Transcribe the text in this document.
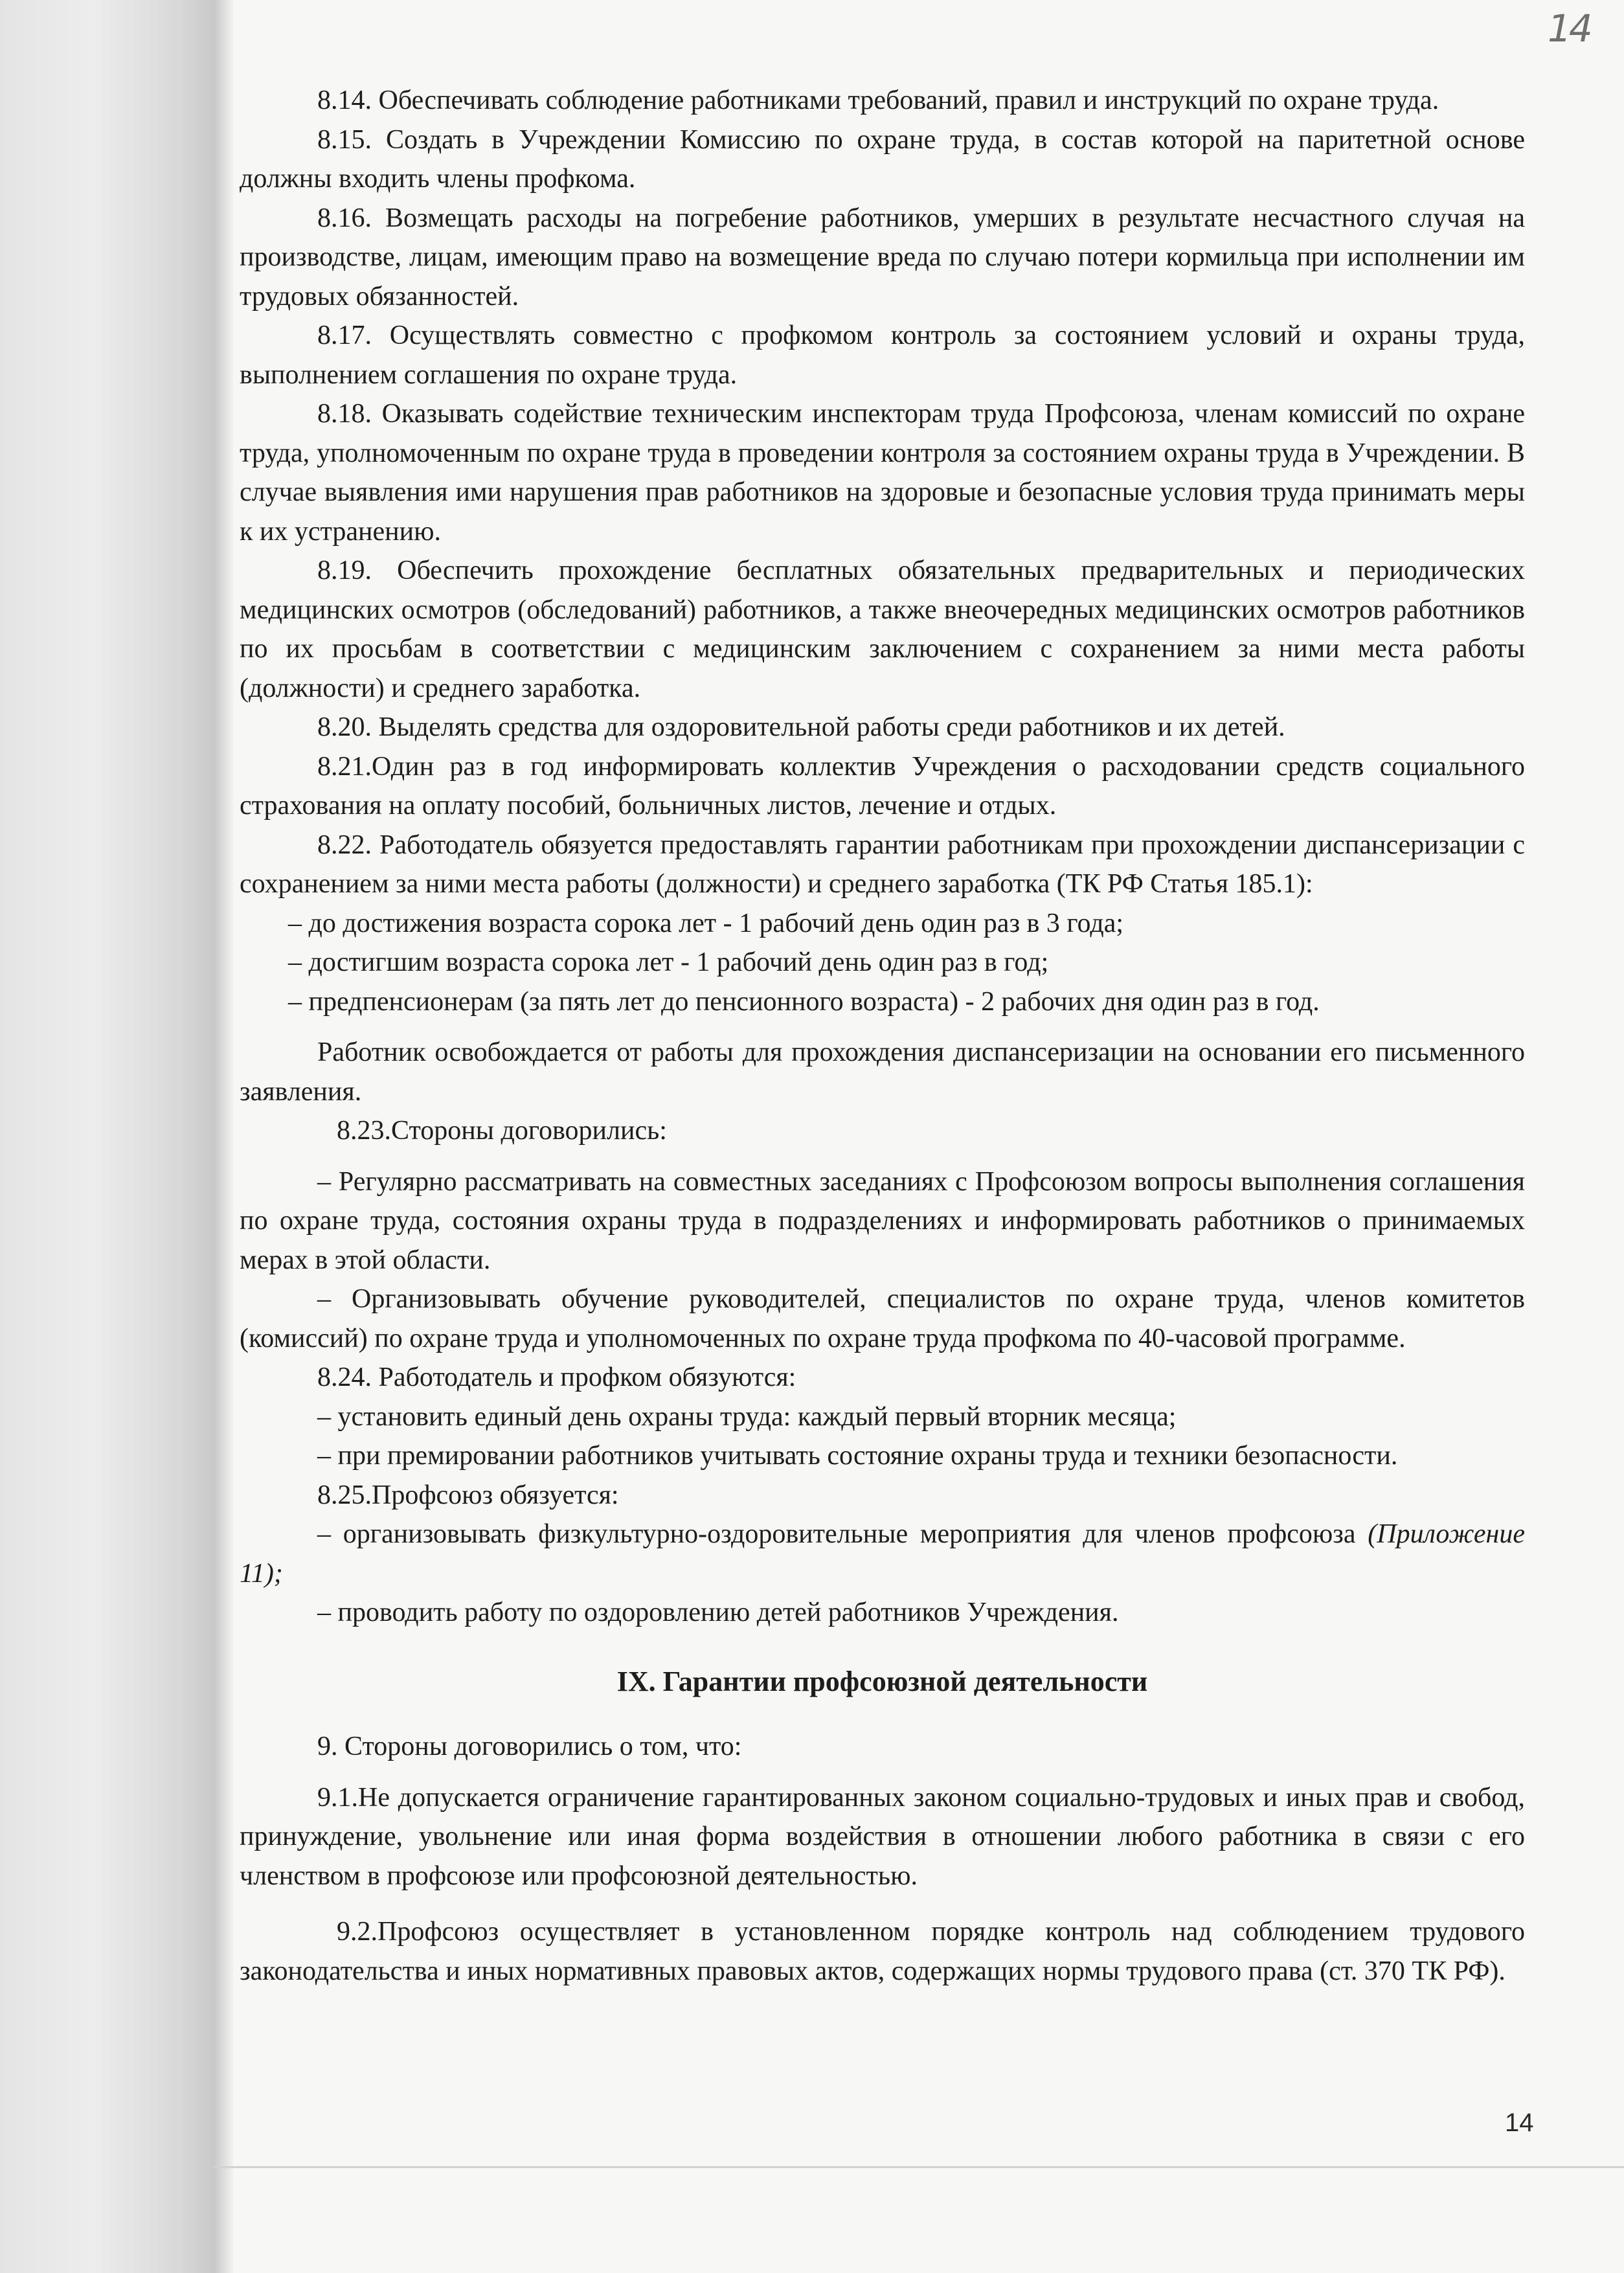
14

8.14. Обеспечивать соблюдение работниками требований, правил и инструкций по охране труда.

8.15. Создать в Учреждении Комиссию по охране труда, в состав которой на паритетной основе должны входить члены профкома.

8.16. Возмещать расходы на погребение работников, умерших в результате несчастного случая на производстве, лицам, имеющим право на возмещение вреда по случаю потери кормильца при исполнении им трудовых обязанностей.

8.17. Осуществлять совместно с профкомом контроль за состоянием условий и охраны труда, выполнением соглашения по охране труда.

8.18. Оказывать содействие техническим инспекторам труда Профсоюза, членам комиссий по охране труда, уполномоченным по охране труда в проведении контроля за состоянием охраны труда в Учреждении. В случае выявления ими нарушения прав работников на здоровые и безопасные условия труда принимать меры к их устранению.

8.19. Обеспечить прохождение бесплатных обязательных предварительных и периодических медицинских осмотров (обследований) работников, а также внеочередных медицинских осмотров работников по их просьбам в соответствии с медицинским заключением с сохранением за ними места работы (должности) и среднего заработка.

8.20. Выделять средства для оздоровительной работы среди работников и их детей.

8.21.Один раз в год информировать коллектив Учреждения о расходовании средств социального страхования на оплату пособий, больничных листов, лечение и отдых.

8.22. Работодатель обязуется предоставлять гарантии работникам при прохождении диспансеризации с сохранением за ними места работы (должности) и среднего заработка (ТК РФ Статья 185.1):

– до достижения возраста сорока лет - 1 рабочий день один раз в 3 года;

– достигшим возраста сорока лет - 1 рабочий день один раз в год;

– предпенсионерам (за пять лет до пенсионного возраста) - 2 рабочих дня один раз в год.

Работник освобождается от работы для прохождения диспансеризации на основании его письменного заявления.

8.23.Стороны договорились:

– Регулярно рассматривать на совместных заседаниях с Профсоюзом вопросы выполнения соглашения по охране труда, состояния охраны труда в подразделениях и информировать работников о принимаемых мерах в этой области.

– Организовывать обучение руководителей, специалистов по охране труда, членов комитетов (комиссий) по охране труда и уполномоченных по охране труда профкома по 40-часовой программе.

8.24. Работодатель и профком обязуются:

– установить единый день охраны труда: каждый первый вторник месяца;

– при премировании работников учитывать состояние охраны труда и техники безопасности.

8.25.Профсоюз обязуется:

– организовывать физкультурно-оздоровительные мероприятия для членов профсоюза (Приложение 11);

– проводить работу по оздоровлению детей работников Учреждения.

IX. Гарантии профсоюзной деятельности

9. Стороны договорились о том, что:

9.1.Не допускается ограничение гарантированных законом социально-трудовых и иных прав и свобод, принуждение, увольнение или иная форма воздействия в отношении любого работника в связи с его членством в профсоюзе или профсоюзной деятельностью.

9.2.Профсоюз осуществляет в установленном порядке контроль над соблюдением трудового законодательства и иных нормативных правовых актов, содержащих нормы трудового права (ст. 370 ТК РФ).

14
